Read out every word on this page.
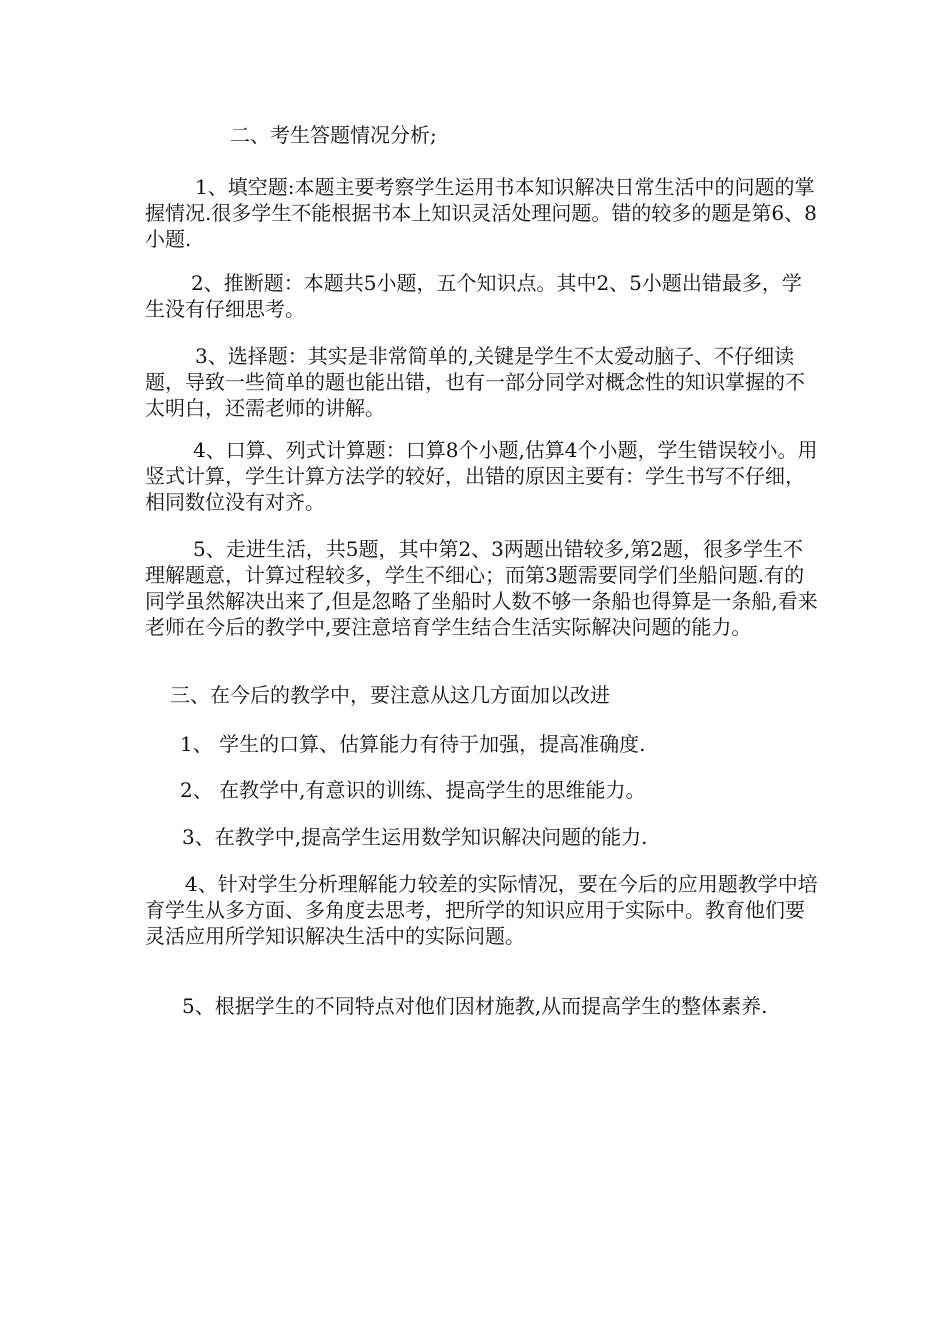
二、考生答题情况分析;

1、填空题:本题主要考察学生运用书本知识解决日常生活中的问题的掌握情况.很多学生不能根据书本上知识灵活处理问题。错的较多的题是第6、8小题.

2、推断题：本题共5小题，五个知识点。其中2、5小题出错最多，学生没有仔细思考。

3、选择题：其实是非常简单的,关键是学生不太爱动脑子、不仔细读题，导致一些简单的题也能出错，也有一部分同学对概念性的知识掌握的不太明白，还需老师的讲解。

4、口算、列式计算题：口算8个小题,估算4个小题，学生错误较小。用竖式计算，学生计算方法学的较好，出错的原因主要有：学生书写不仔细，相同数位没有对齐。

5、走进生活，共5题，其中第2、3两题出错较多,第2题，很多学生不理解题意，计算过程较多，学生不细心；而第3题需要同学们坐船问题.有的同学虽然解决出来了,但是忽略了坐船时人数不够一条船也得算是一条船,看来老师在今后的教学中,要注意培育学生结合生活实际解决问题的能力。

三、在今后的教学中，要注意从这几方面加以改进

1、 学生的口算、估算能力有待于加强，提高准确度.

2、 在教学中,有意识的训练、提高学生的思维能力。

3、在教学中,提高学生运用数学知识解决问题的能力.

4、针对学生分析理解能力较差的实际情况，要在今后的应用题教学中培育学生从多方面、多角度去思考，把所学的知识应用于实际中。教育他们要灵活应用所学知识解决生活中的实际问题。

5、根据学生的不同特点对他们因材施教,从而提高学生的整体素养.
